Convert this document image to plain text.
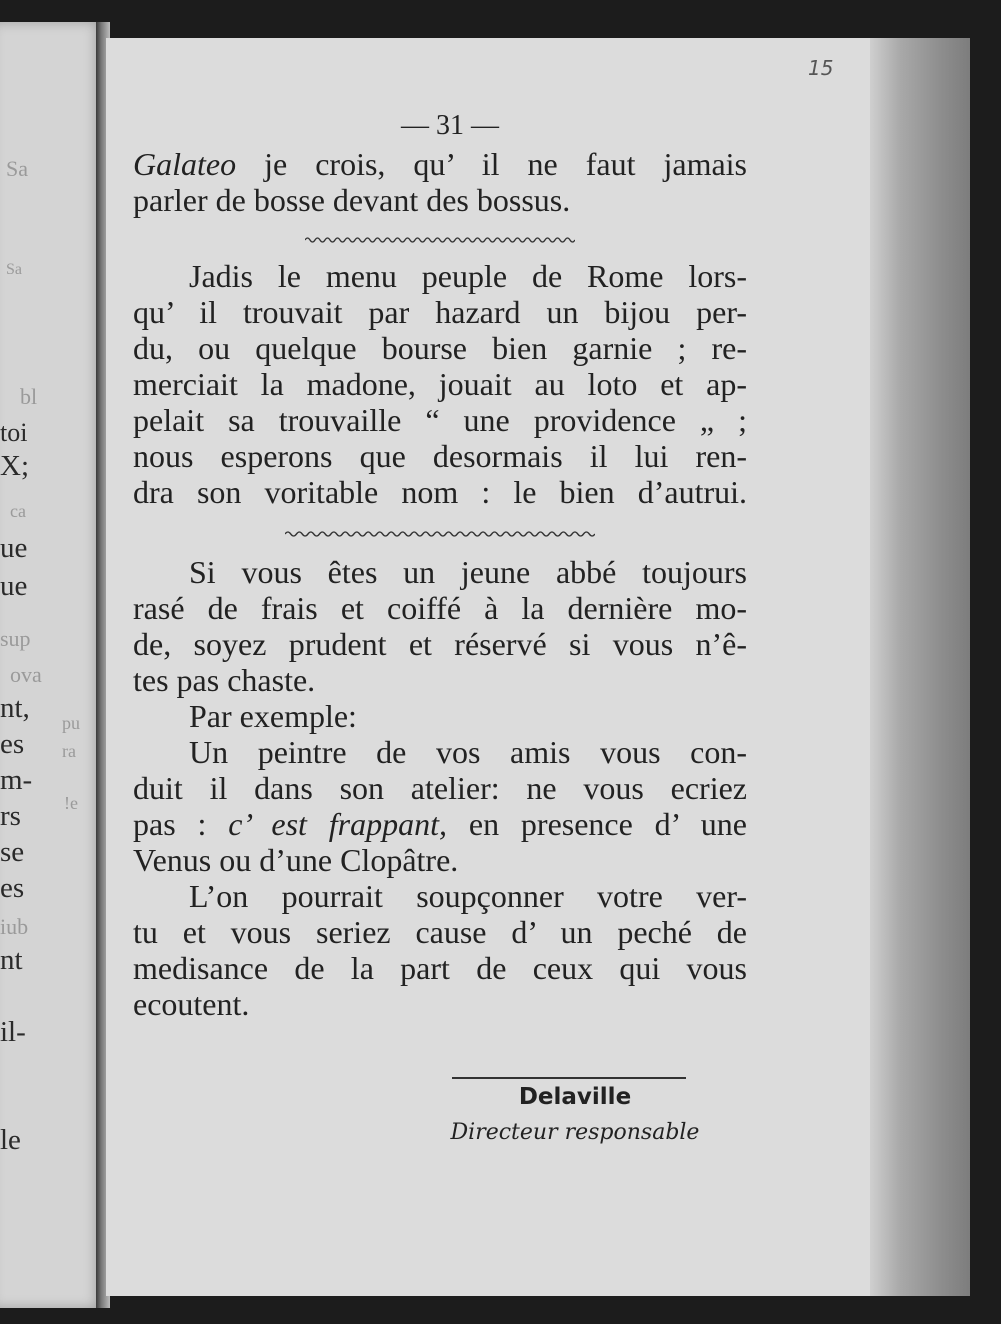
Sa
Sa
bl
toi
X;
ca
ue
ue
sup
ova
nt,	pu
es	ra
m-
!e
rs
se
es
iub
nt
il-
le
15
— 31 —
Galateo je crois, qu’ il ne faut jamais
parler de bosse devant des bossus.
Jadis le menu peuple de Rome lors-
qu’ il trouvait par hazard un bijou per-
du, ou quelque bourse bien garnie ; re-
merciait la madone, jouait au loto et ap-
pelait sa trouvaille “ une providence „ ;
nous esperons que desormais il lui ren-
dra son voritable nom : le bien d’autrui.
Si vous êtes un jeune abbé toujours
rasé de frais et coiffé à la dernière mo-
de, soyez prudent et réservé si vous n’ê-
tes pas chaste.
Par exemple:
Un peintre de vos amis vous con-
duit il dans son atelier: ne vous ecriez
pas : c’ est frappant, en presence d’ une
Venus ou d’une Clopâtre.
L’on pourrait soupçonner votre ver-
tu et vous seriez cause d’ un peché de
medisance de la part de ceux qui vous
ecoutent.
Delaville
Directeur responsable
